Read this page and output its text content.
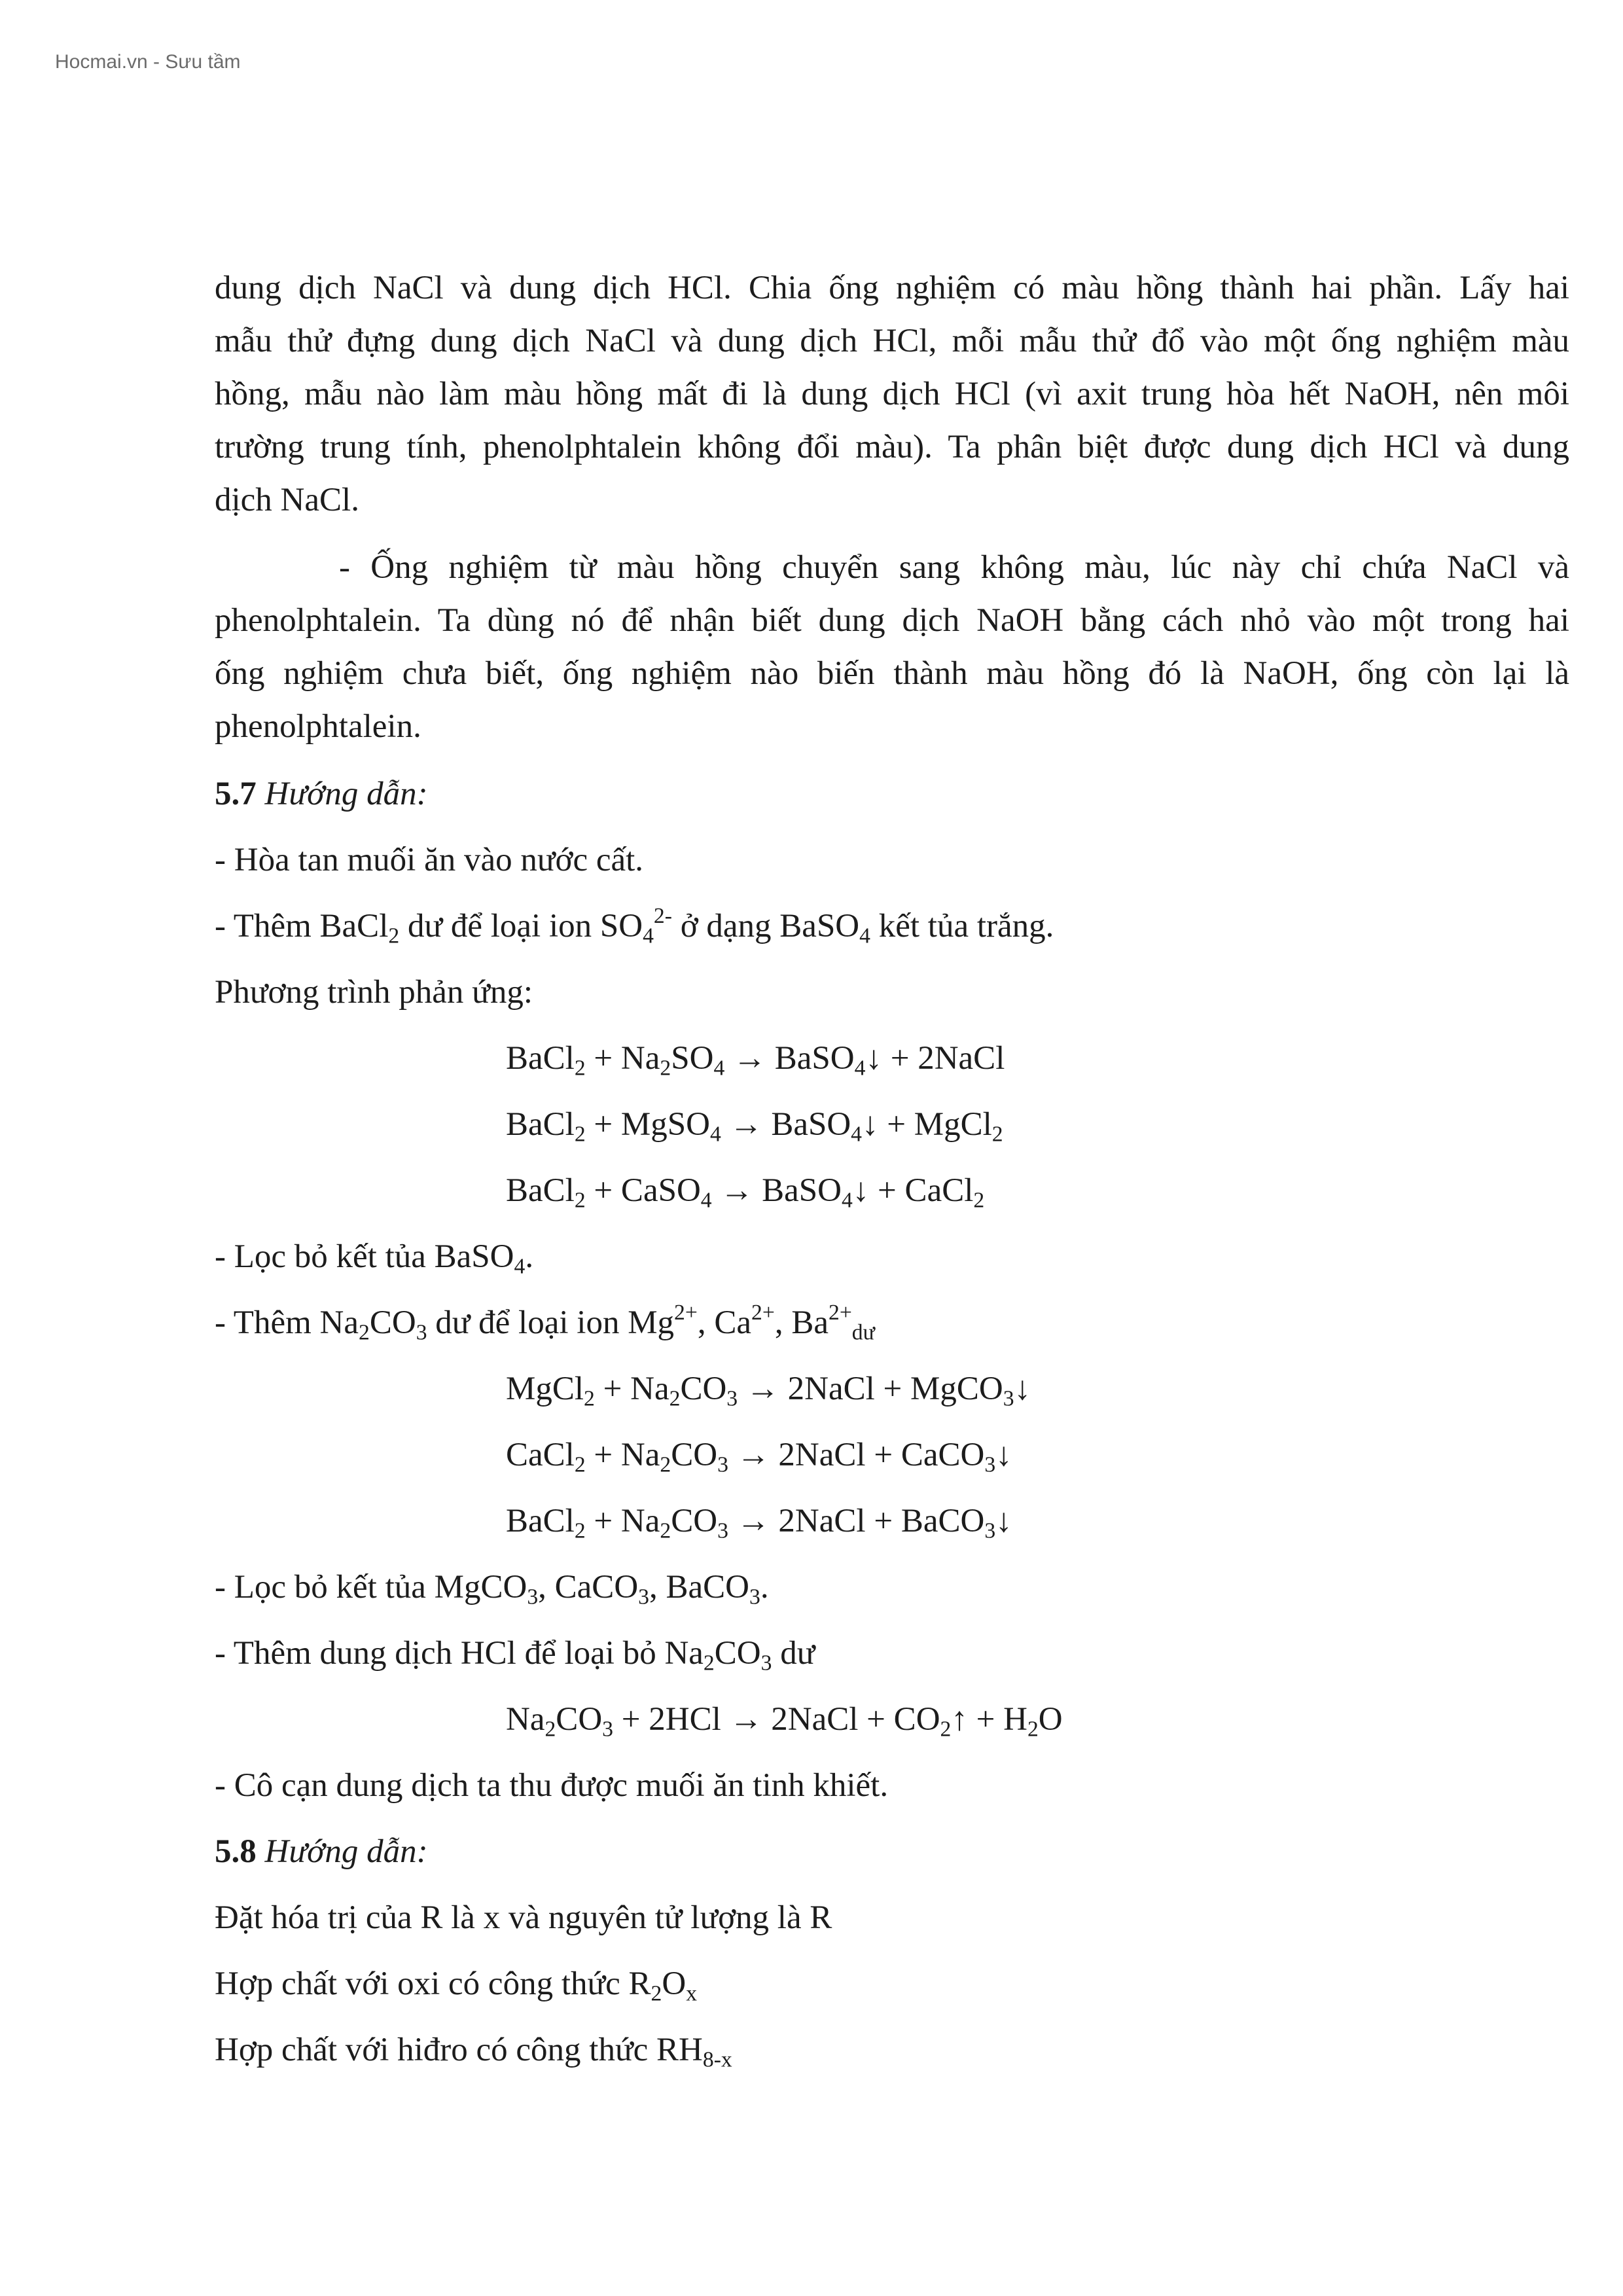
Hocmai.vn - Sưu tầm

dung dịch NaCl và dung dịch HCl. Chia ống nghiệm có màu hồng thành hai phần. Lấy hai

mẫu thử đựng dung dịch NaCl và dung dịch HCl, mỗi mẫu thử đổ vào một ống nghiệm màu

hồng, mẫu nào làm màu hồng mất đi là dung dịch HCl (vì axit trung hòa hết NaOH, nên môi

trường trung tính, phenolphtalein không đổi màu). Ta phân biệt được dung dịch HCl và dung

dịch NaCl.

- Ống nghiệm từ màu hồng chuyển sang không màu, lúc này chỉ chứa NaCl và

phenolphtalein. Ta dùng nó để nhận biết dung dịch NaOH bằng cách nhỏ vào một trong hai

ống nghiệm chưa biết, ống nghiệm nào biến thành màu hồng đó là NaOH, ống còn lại là

phenolphtalein.

5.7 Hướng dẫn:

- Hòa tan muối ăn vào nước cất.

- Thêm BaCl$_2$ dư để loại ion $SO_4^{2-}$ ở dạng BaSO$_4$ kết tủa trắng.

Phương trình phản ứng:

BaCl$_2$ + $Na_2SO_4$ → BaSO$_4$↓ + 2NaCl

BaCl$_2$ + MgSO$_4$ → BaSO$_4$↓ + MgCl$_2$

BaCl$_2$ + CaSO$_4$ → BaSO$_4$↓ + CaCl$_2$

- Lọc bỏ kết tủa BaSO$_4$.

- Thêm $Na_2CO_3$ dư để loại ion $Mg^{2+}$, $Ca^{2+}$, $Ba^{2+}_{dư}$

MgCl$_2$ + $Na_2CO_3$ → 2NaCl + MgCO$_3$↓

CaCl$_2$ + $Na_2CO_3$ → 2NaCl + CaCO$_3$↓

BaCl$_2$ + $Na_2CO_3$ → 2NaCl + BaCO$_3$↓

- Lọc bỏ kết tủa MgCO$_3$, CaCO$_3$, BaCO$_3$.

- Thêm dung dịch HCl để loại bỏ $Na_2CO_3$ dư

$Na_2CO_3 + 2HCl$ → 2NaCl + $CO_2↑ + H_2O$

- Cô cạn dung dịch ta thu được muối ăn tinh khiết.

5.8 Hướng dẫn:

Đặt hóa trị của R là x và nguyên tử lượng là R

Hợp chất với oxi có công thức $R_2O_x$

Hợp chất với hiđro có công thức $RH_{8-x}$
